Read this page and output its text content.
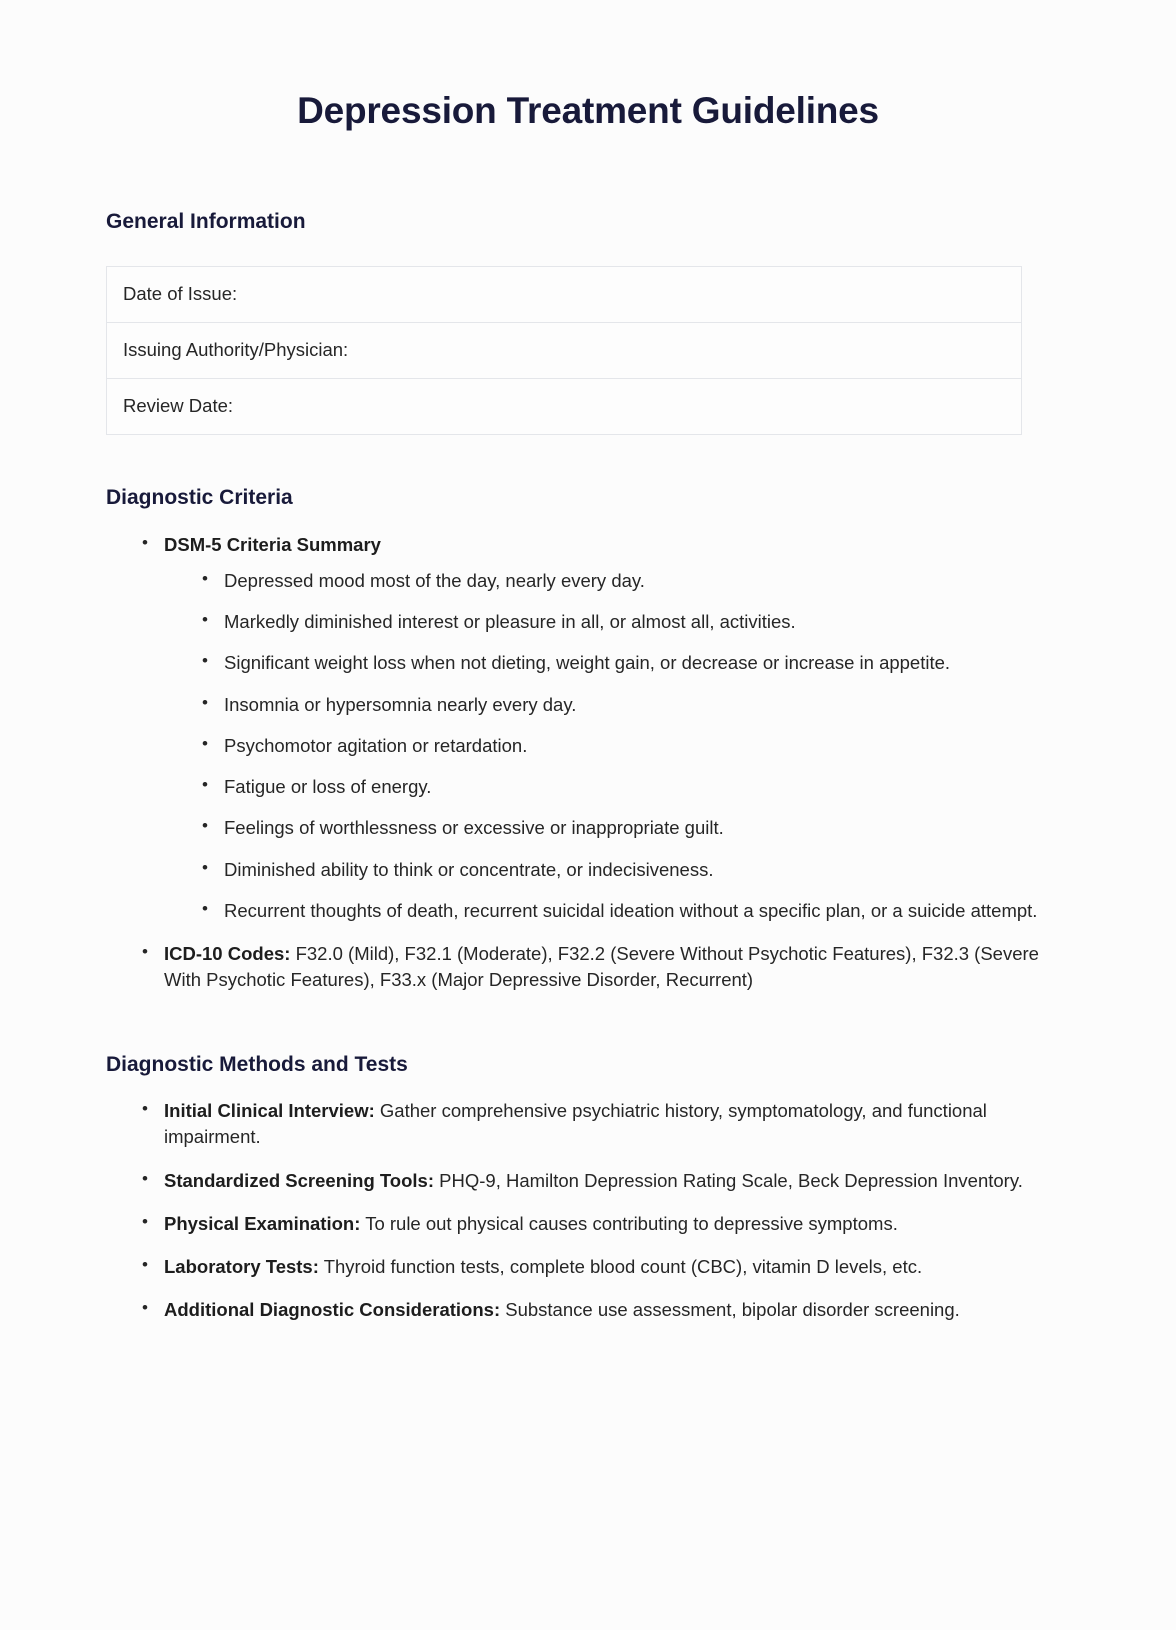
Depression Treatment Guidelines
General Information
Date of Issue:
Issuing Authority/Physician:
Review Date:
Diagnostic Criteria
• DSM-5 Criteria Summary
• Depressed mood most of the day, nearly every day.
• Markedly diminished interest or pleasure in all, or almost all, activities.
• Significant weight loss when not dieting, weight gain, or decrease or increase in appetite.
• Insomnia or hypersomnia nearly every day.
• Psychomotor agitation or retardation.
• Fatigue or loss of energy.
• Feelings of worthlessness or excessive or inappropriate guilt.
• Diminished ability to think or concentrate, or indecisiveness.
• Recurrent thoughts of death, recurrent suicidal ideation without a specific plan, or a suicide attempt.
• ICD-10 Codes: F32.0 (Mild), F32.1 (Moderate), F32.2 (Severe Without Psychotic Features), F32.3 (Severe With Psychotic Features), F33.x (Major Depressive Disorder, Recurrent)
Diagnostic Methods and Tests
• Initial Clinical Interview: Gather comprehensive psychiatric history, symptomatology, and functional impairment.
• Standardized Screening Tools: PHQ-9, Hamilton Depression Rating Scale, Beck Depression Inventory.
• Physical Examination: To rule out physical causes contributing to depressive symptoms.
• Laboratory Tests: Thyroid function tests, complete blood count (CBC), vitamin D levels, etc.
• Additional Diagnostic Considerations: Substance use assessment, bipolar disorder screening.
